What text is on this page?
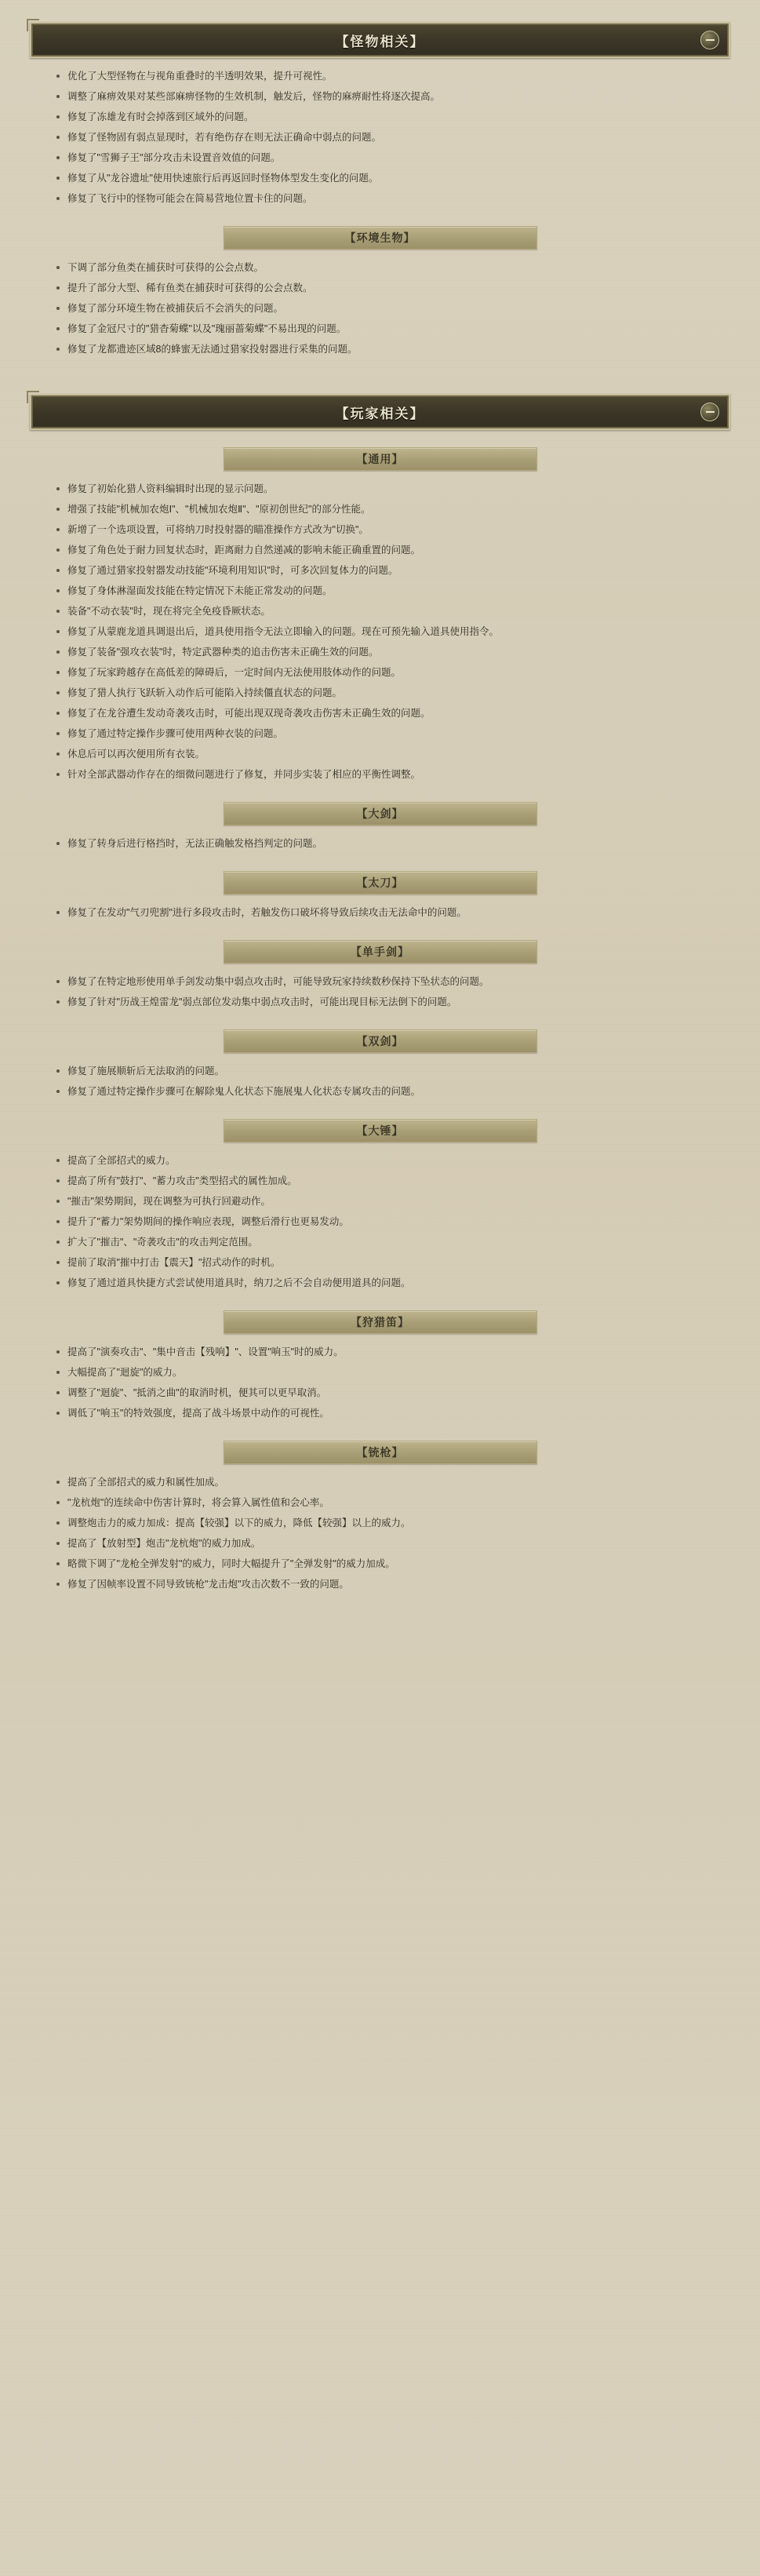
【怪物相关】
优化了大型怪物在与视角重叠时的半透明效果，提升可视性。
调整了麻痹效果对某些部麻痹怪物的生效机制，触发后，怪物的麻痹耐性将逐次提高。
修复了冻雄龙有时会掉落到区域外的问题。
修复了怪物固有弱点显现时，若有绝伤存在则无法正确命中弱点的问题。
修复了"雪狮子王"部分攻击未设置音效值的问题。
修复了从"龙谷遗址"使用快速旅行后再返回时怪物体型发生变化的问题。
修复了飞行中的怪物可能会在简易营地位置卡住的问题。
【环境生物】
下调了部分鱼类在捕获时可获得的公会点数。
提升了部分大型、稀有鱼类在捕获时可获得的公会点数。
修复了部分环境生物在被捕获后不会消失的问题。
修复了金冠尺寸的"猎杳菊蝶"以及"瑰丽蔷菊蝶"不易出现的问题。
修复了龙都遗迹区域8的蜂蜜无法通过猎家投射器进行采集的问题。
【玩家相关】
【通用】
修复了初始化猎人资料编辑时出现的显示问题。
增强了技能"机械加农炮Ⅰ"、"机械加农炮Ⅱ"、"原初创世纪"的部分性能。
新增了一个选项设置，可将纳刀时投射器的瞄准操作方式改为"切换"。
修复了角色处于耐力回复状态时，距离耐力自然递减的影响未能正确重置的问题。
修复了通过猎家投射器发动技能"环境利用知识"时，可多次回复体力的问题。
修复了身体淋湿面发技能在特定情况下未能正常发动的问题。
装备"不动衣装"时，现在将完全免疫昏厥状态。
修复了从蒙鹿龙道具调退出后，道具使用指令无法立即输入的问题。现在可预先输入道具使用指令。
修复了装备"强攻衣装"时，特定武器种类的追击伤害未正确生效的问题。
修复了玩家跨越存在高低差的障碍后，一定时间内无法使用肢体动作的问题。
修复了猎人执行飞跃斩入动作后可能陷入持续僵直状态的问题。
修复了在龙谷遭生发动奇袭攻击时，可能出现双现奇袭攻击伤害未正确生效的问题。
修复了通过特定操作步骤可使用两种衣装的问题。
休息后可以再次便用所有衣装。
针对全部武器动作存在的细微问题进行了修复，并同步实装了相应的平衡性调整。
【大剑】
修复了转身后进行格挡时，无法正确触发格挡判定的问题。
【太刀】
修复了在发动"气刃兜割"进行多段攻击时，若触发伤口破坏将导致后续攻击无法命中的问题。
【单手剑】
修复了在特定地形使用单手剑发动集中弱点攻击时，可能导致玩家持续数秒保持下坠状态的问题。
修复了针对"历战王煌雷龙"弱点部位发动集中弱点攻击时，可能出现目标无法倒下的问题。
【双剑】
修复了施展顺斩后无法取消的问题。
修复了通过特定操作步骤可在解除鬼人化状态下施展鬼人化状态专属攻击的问题。
【大锤】
提高了全部招式的威力。
提高了所有"鼓打"、"蓄力攻击"类型招式的属性加成。
"摧击"架势期间，现在调整为可执行回避动作。
提升了"蓄力"架势期间的操作响应表现，调整后滑行也更易发动。
扩大了"摧击"、"奇袭攻击"的攻击判定范围。
提前了取消"摧中打击【震天】"招式动作的时机。
修复了通过道具快捷方式尝试使用道具时，纳刀之后不会自动便用道具的问题。
【狩猎笛】
提高了"演奏攻击"、"集中音击【残响】"、设置"响玉"时的威力。
大幅提高了"迴旋"的威力。
调整了"迴旋"、"抵消之曲"的取消时机，便其可以更早取消。
调低了"响玉"的特效强度，提高了战斗场景中动作的可视性。
【铳枪】
提高了全部招式的威力和属性加成。
"龙杭炮"的连续命中伤害计算时，将会算入属性值和会心率。
调整炮击力的威力加成：提高【较强】以下的威力，降低【较强】以上的威力。
提高了【放射型】炮击"龙杭炮"的威力加成。
略微下调了"龙枪全弹发射"的威力，同时大幅提升了"全弹发射"的威力加成。
修复了因帧率设置不同导致铳枪"龙击炮"攻击次数不一致的问题。
